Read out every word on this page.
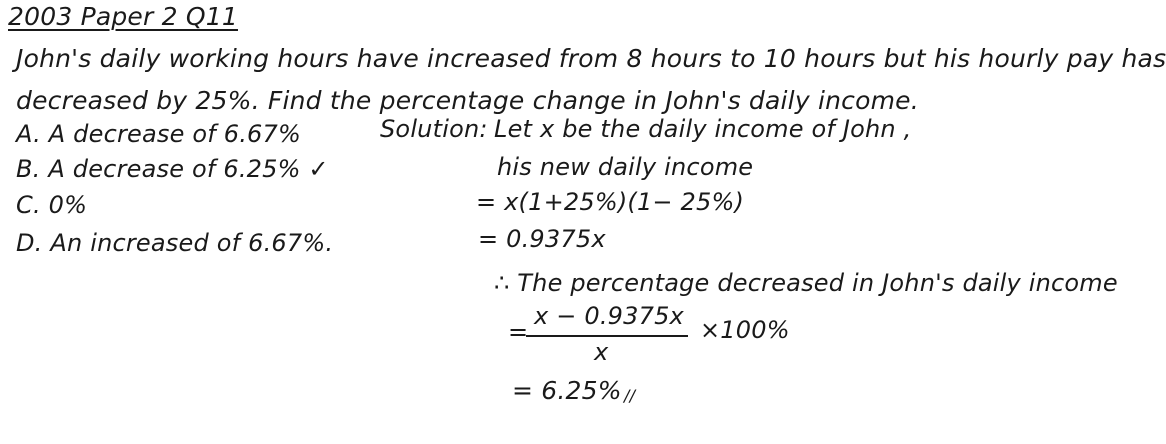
2003 Paper 2 Q11
John's daily working hours have increased from 8 hours to 10 hours but his hourly pay has
decreased by 25%. Find the percentage change in John's daily income.
A. A decrease of 6.67%
B. A decrease of 6.25% ✓
C. 0%
D. An increased of 6.67%.
Solution: Let x be the daily income of John ,
his new daily income
= x(1+25%)(1− 25%)
= 0.9375x
∴ The percentage decreased in John's daily income
=
x − 0.9375x
x
×100%
= 6.25% //
